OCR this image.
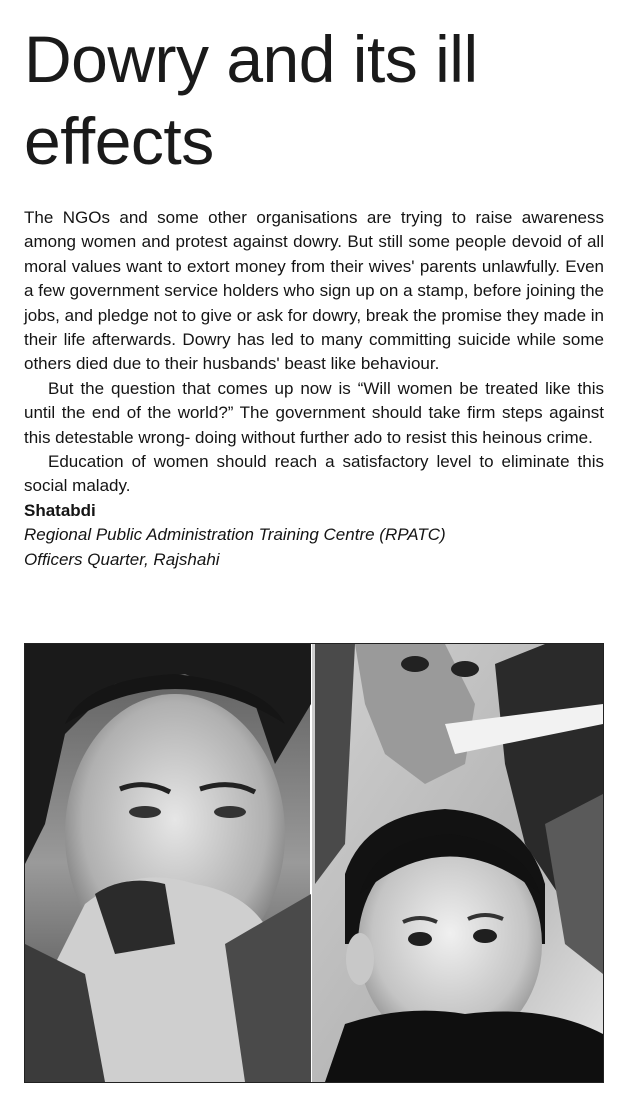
Dowry and its ill effects

The NGOs and some other organisations are trying to raise awareness among women and protest against dowry. But still some people devoid of all moral values want to extort money from their wives' parents unlawfully. Even a few government service holders who sign up on a stamp, before joining the jobs, and pledge not to give or ask for dowry, break the promise they made in their life afterwards. Dowry has led to many committing suicide while some others died due to their husbands' beast like behaviour.

But the question that comes up now is “Will women be treated like this until the end of the world?” The government should take firm steps against this detestable wrong- doing without further ado to resist this heinous crime.

Education of women should reach a satisfactory level to eliminate this social malady.

Shatabdi

Regional Public Administration Training Centre (RPATC)

Officers Quarter, Rajshahi
